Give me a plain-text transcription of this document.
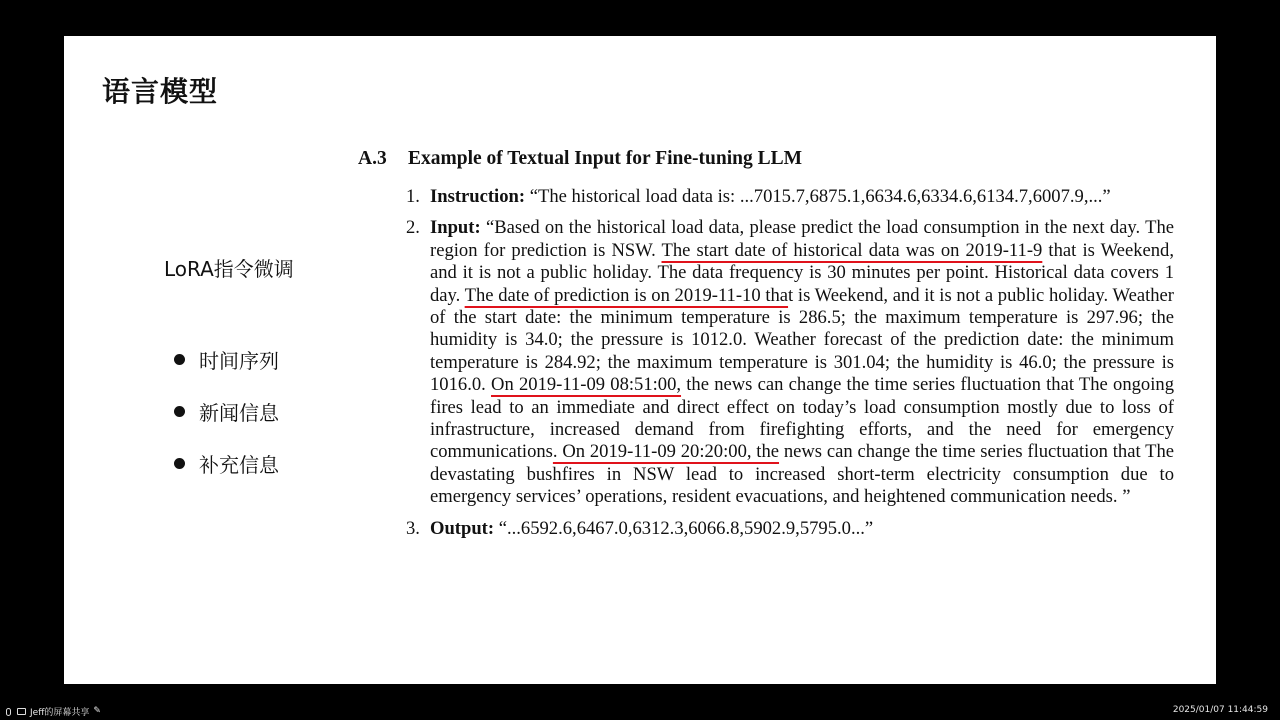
语言模型
LoRA指令微调
时间序列
新闻信息
补充信息
A.3 Example of Textual Input for Fine-tuning LLM
1. Instruction: “The historical load data is: ...7015.7,6875.1,6634.6,6334.6,6134.7,6007.9,...”
2. Input: “Based on the historical load data, please predict the load consumption in the next day. The region for prediction is NSW. The start date of historical data was on 2019-11-9 that is Weekend, and it is not a public holiday. The data frequency is 30 minutes per point. Historical data covers 1 day. The date of prediction is on 2019-11-10 that is Weekend, and it is not a public holiday. Weather of the start date: the minimum temperature is 286.5; the maximum temperature is 297.96; the humidity is 34.0; the pressure is 1012.0. Weather forecast of the prediction date: the minimum temperature is 284.92; the maximum temperature is 301.04; the humidity is 46.0; the pressure is 1016.0. On 2019-11-09 08:51:00, the news can change the time series fluctuation that The ongoing fires lead to an immediate and direct effect on today’s load consumption mostly due to loss of infrastructure, increased demand from firefighting efforts, and the need for emergency communications. On 2019-11-09 20:20:00, the news can change the time series fluctuation that The devastating bushfires in NSW lead to increased short-term electricity consumption due to emergency services’ operations, resident evacuations, and heightened communication needs. ”
3. Output: “...6592.6,6467.0,6312.3,6066.8,5902.9,5795.0...”
Jeff的屏幕共享 ✎	2025/01/07 11:44:59
